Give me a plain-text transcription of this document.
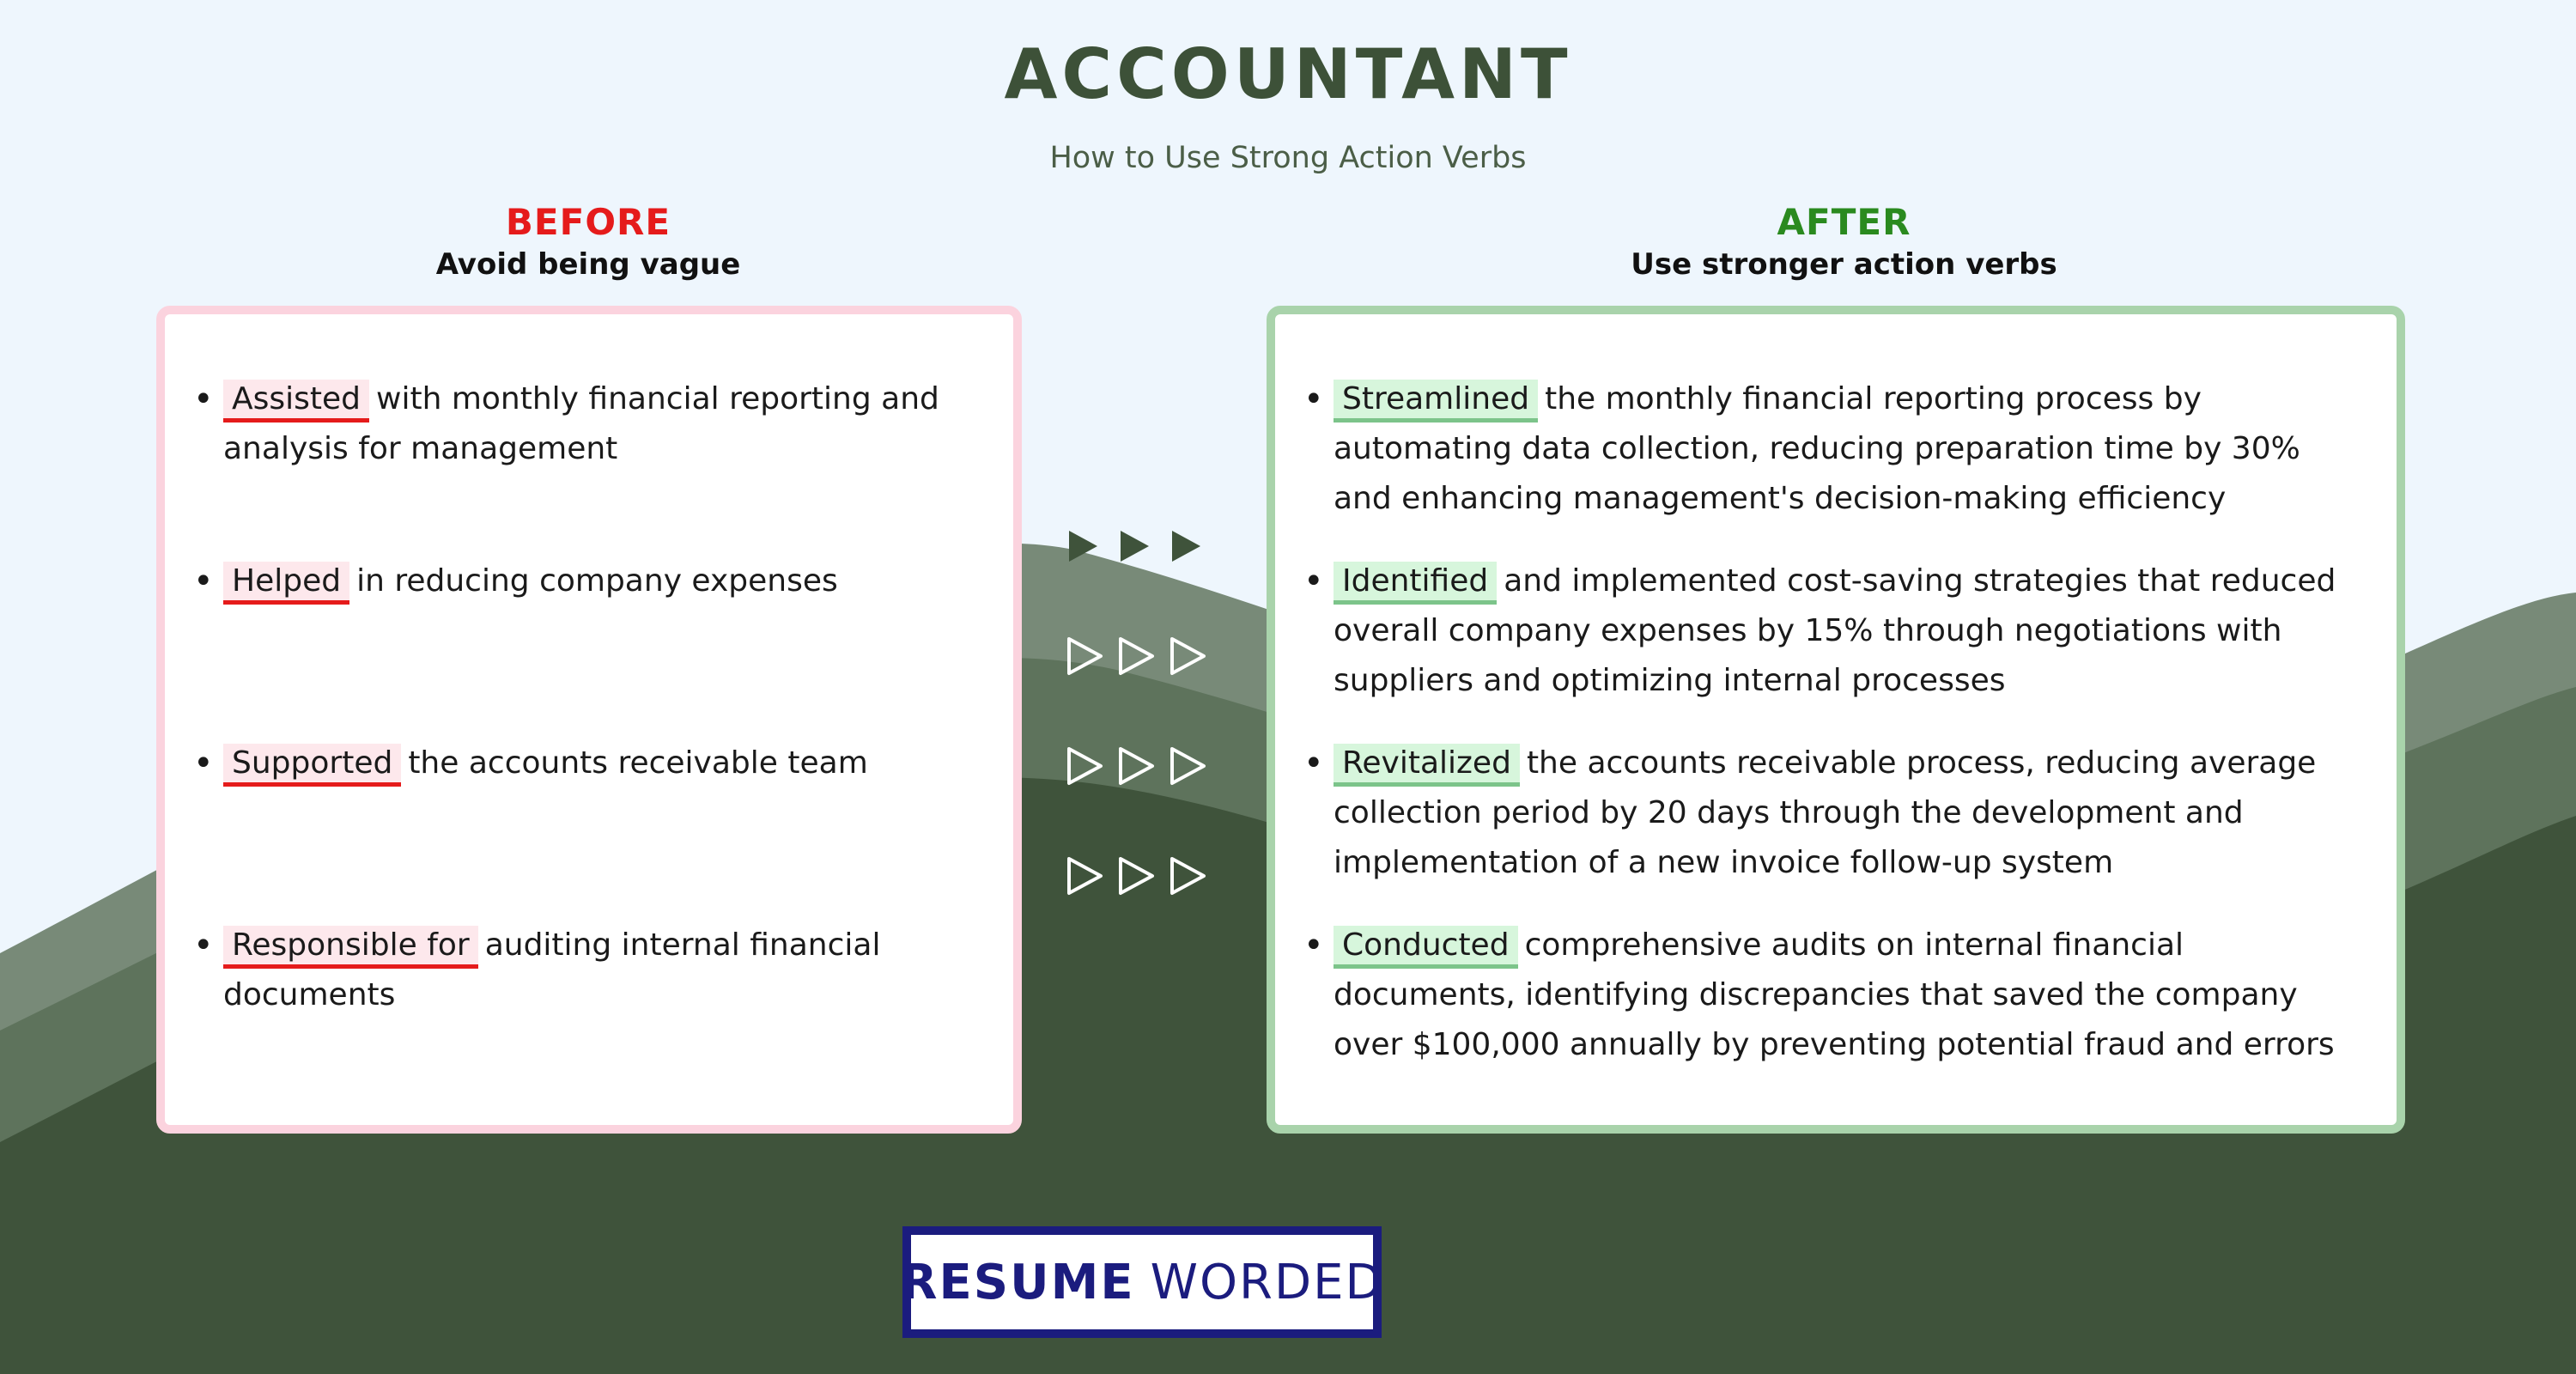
ACCOUNTANT
How to Use Strong Action Verbs
BEFORE
Avoid being vague
AFTER
Use stronger action verbs
• Assisted with monthly financial reporting and analysis for management
• Helped in reducing company expenses
• Supported the accounts receivable team
• Responsible for auditing internal financial documents
• Streamlined the monthly financial reporting process by automating data collection, reducing preparation time by 30% and enhancing management's decision-making efficiency
• Identified and implemented cost-saving strategies that reduced overall company expenses by 15% through negotiations with suppliers and optimizing internal processes
• Revitalized the accounts receivable process, reducing average collection period by 20 days through the development and implementation of a new invoice follow-up system
• Conducted comprehensive audits on internal financial documents, identifying discrepancies that saved the company over $100,000 annually by preventing potential fraud and errors
RESUME WORDED
